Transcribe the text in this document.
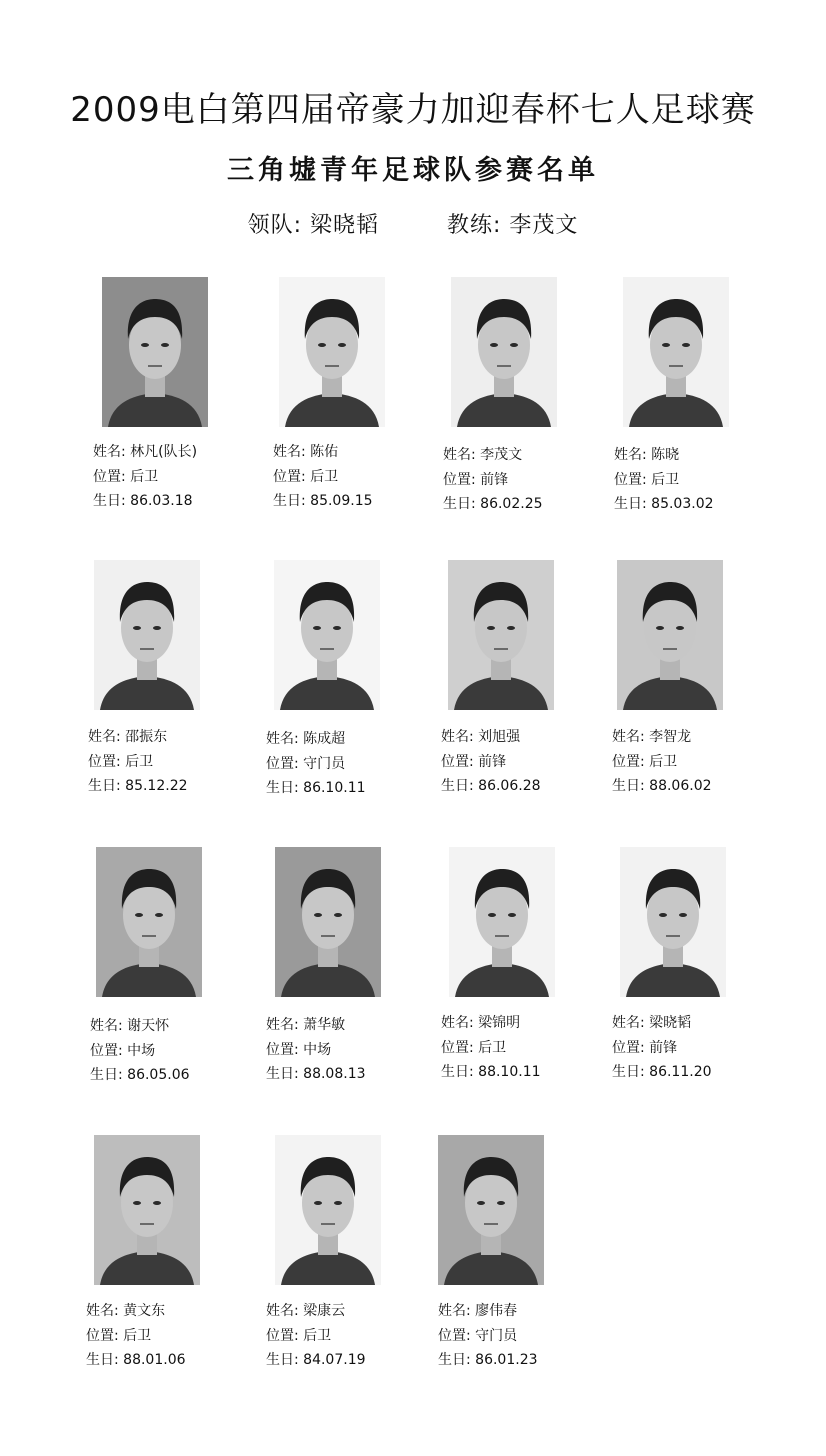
2009电白第四届帝豪力加迎春杯七人足球赛
三角墟青年足球队参赛名单
领队: 梁晓韬	教练: 李茂文
姓名: 林凡(队长)
位置: 后卫
生日: 86.03.18
姓名: 陈佑
位置: 后卫
生日: 85.09.15
姓名: 李茂文
位置: 前锋
生日: 86.02.25
姓名: 陈晓
位置: 后卫
生日: 85.03.02
姓名: 邵振东
位置: 后卫
生日: 85.12.22
姓名: 陈成超
位置: 守门员
生日: 86.10.11
姓名: 刘旭强
位置: 前锋
生日: 86.06.28
姓名: 李智龙
位置: 后卫
生日: 88.06.02
姓名: 谢天怀
位置: 中场
生日: 86.05.06
姓名: 萧华敏
位置: 中场
生日: 88.08.13
姓名: 梁锦明
位置: 后卫
生日: 88.10.11
姓名: 梁晓韬
位置: 前锋
生日: 86.11.20
姓名: 黄文东
位置: 后卫
生日: 88.01.06
姓名: 梁康云
位置: 后卫
生日: 84.07.19
姓名: 廖伟春
位置: 守门员
生日: 86.01.23
